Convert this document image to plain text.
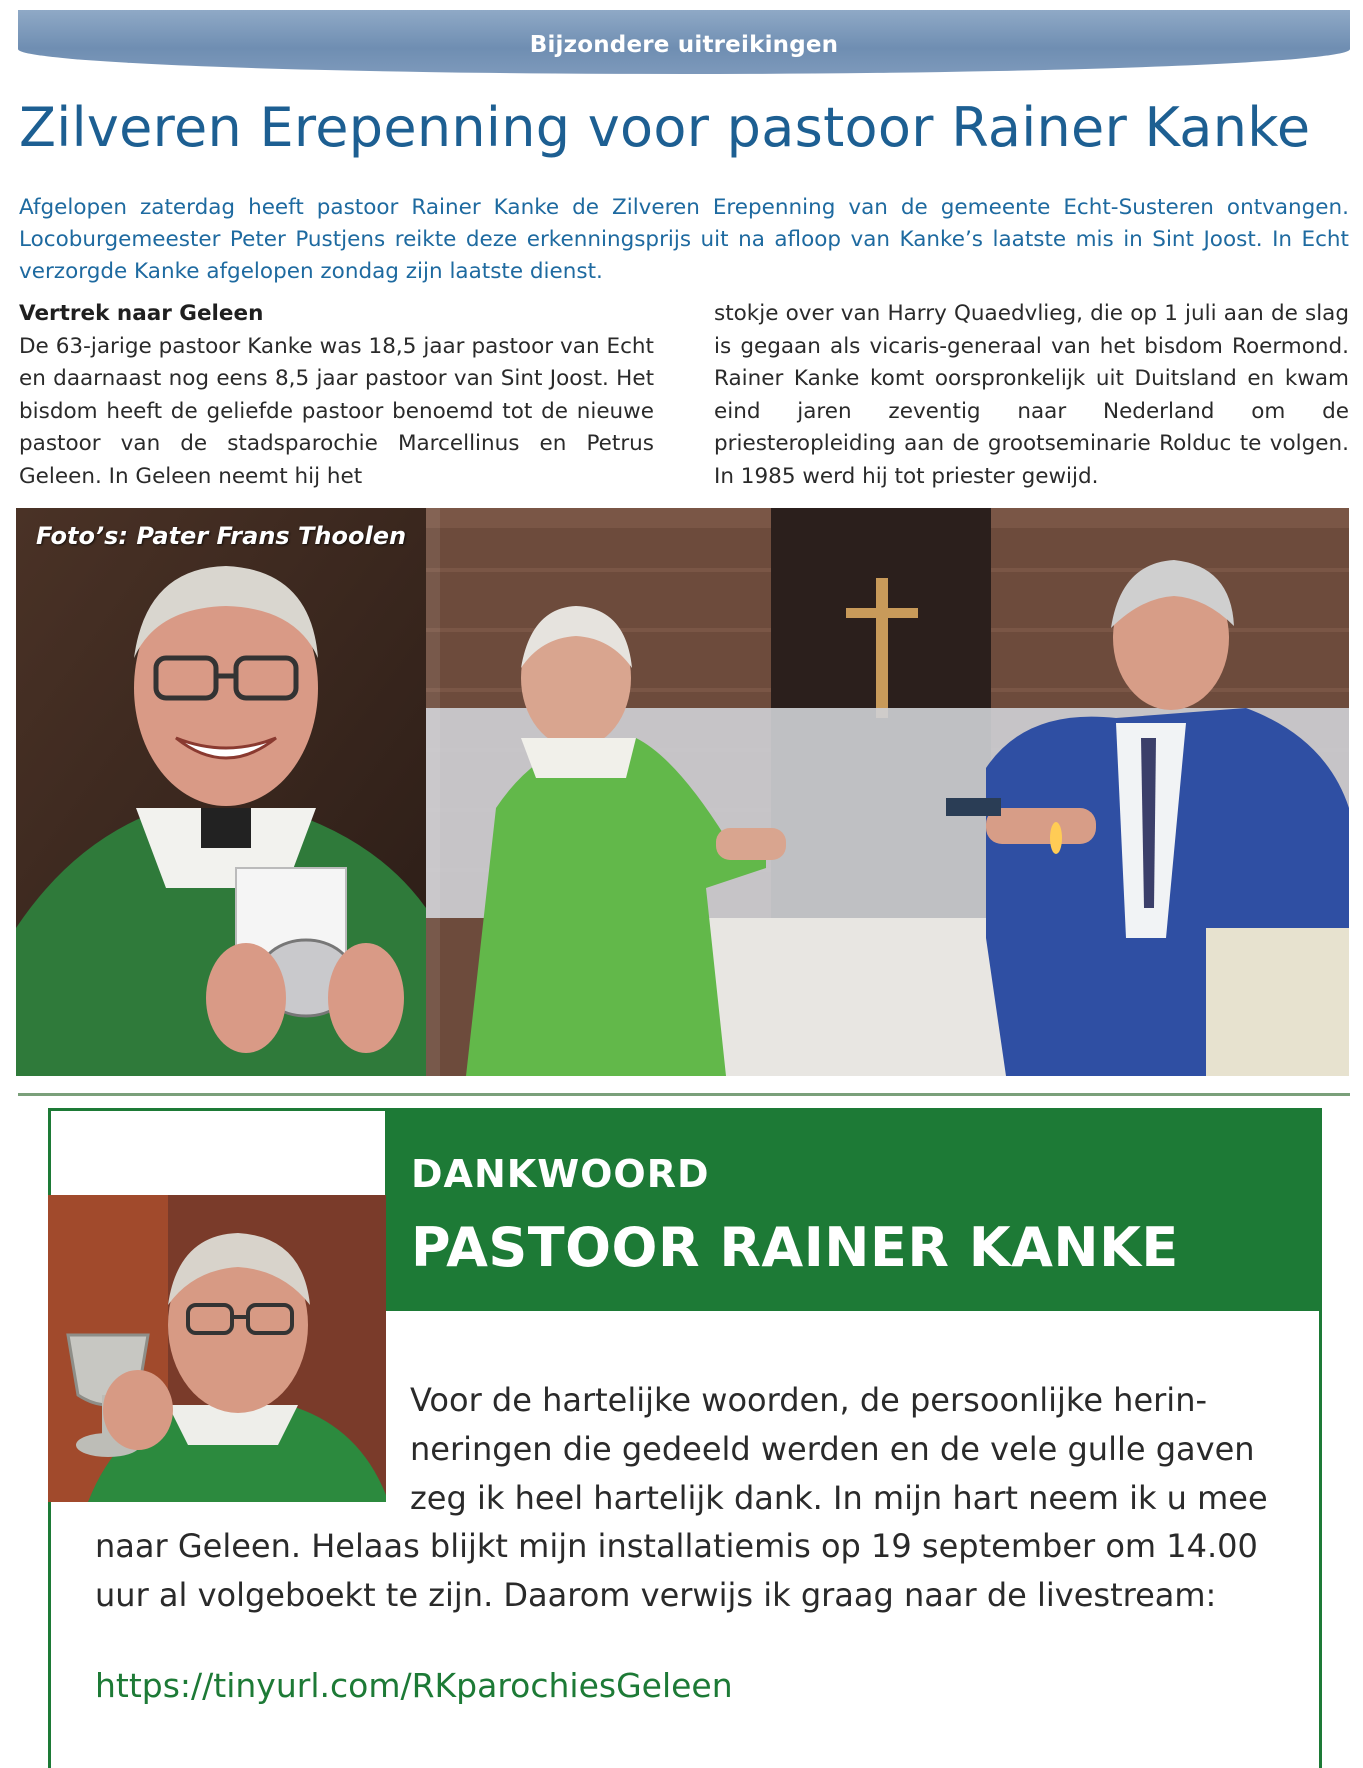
Bijzondere uitreikingen
Zilveren Erepenning voor pastoor Rainer Kanke

Afgelopen zaterdag heeft pastoor Rainer Kanke de Zilveren Erepenning van de gemeente Echt-Susteren ontvangen. Locoburgemeester Peter Pustjens reikte deze erkenningsprijs uit na afloop van Kanke’s laatste mis in Sint Joost. In Echt verzorgde Kanke afgelopen zondag zijn laatste dienst.

Vertrek naar Geleen
De 63-jarige pastoor Kanke was 18,5 jaar pastoor van Echt en daarnaast nog eens 8,5 jaar pastoor van Sint Joost. Het bisdom heeft de geliefde pastoor benoemd tot de nieuwe pastoor van de stadsparochie Marcellinus en Petrus Geleen. In Geleen neemt hij het
stokje over van Harry Quaedvlieg, die op 1 juli aan de slag is gegaan als vicaris-generaal van het bisdom Roermond. Rainer Kanke komt oorspronkelijk uit Duitsland en kwam eind jaren zeventig naar Nederland om de priesteropleiding aan de grootseminarie Rolduc te volgen. In 1985 werd hij tot priester gewijd.
Foto’s: Pater Frans Thoolen
DANKWOORD
PASTOOR RAINER KANKE

Voor de hartelijke woorden, de persoonlijke herin-neringen die gedeeld werden en de vele gulle gaven zeg ik heel hartelijk dank. In mijn hart neem ik u mee

naar Geleen. Helaas blijkt mijn installatiemis op 19 september om 14.00 uur al volgeboekt te zijn. Daarom verwijs ik graag naar de livestream:

https://tinyurl.com/RKparochiesGeleen
